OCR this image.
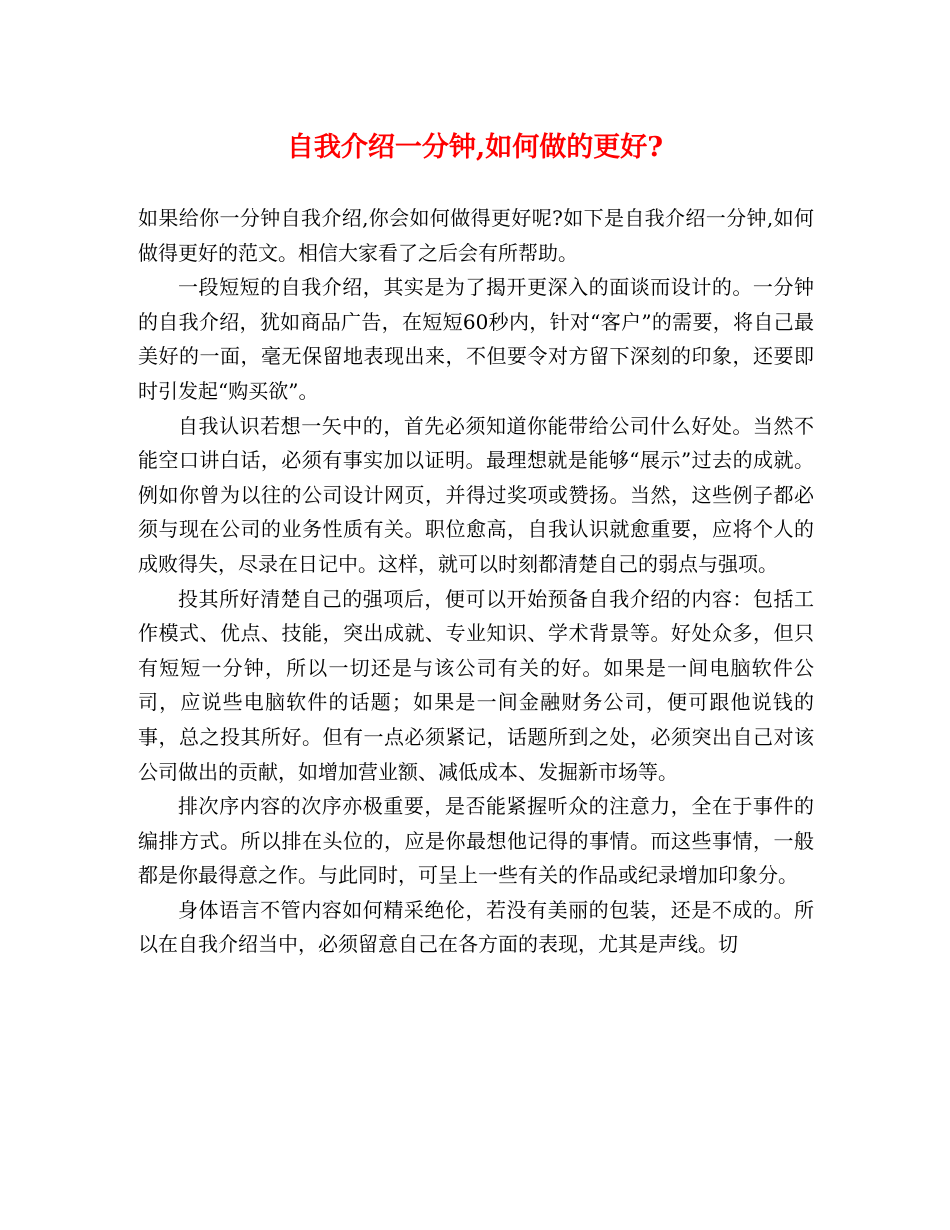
自我介绍一分钟,如何做的更好?

如果给你一分钟自我介绍,你会如何做得更好呢?如下是自我介绍一分钟,如何做得更好的范文。相信大家看了之后会有所帮助。

一段短短的自我介绍，其实是为了揭开更深入的面谈而设计的。一分钟的自我介绍，犹如商品广告，在短短60秒内，针对“客户”的需要，将自己最美好的一面，毫无保留地表现出来，不但要令对方留下深刻的印象，还要即时引发起“购买欲”。

自我认识若想一矢中的，首先必须知道你能带给公司什么好处。当然不能空口讲白话，必须有事实加以证明。最理想就是能够“展示”过去的成就。例如你曾为以往的公司设计网页，并得过奖项或赞扬。当然，这些例子都必须与现在公司的业务性质有关。职位愈高，自我认识就愈重要，应将个人的成败得失，尽录在日记中。这样，就可以时刻都清楚自己的弱点与强项。

投其所好清楚自己的强项后，便可以开始预备自我介绍的内容：包括工作模式、优点、技能，突出成就、专业知识、学术背景等。好处众多，但只有短短一分钟，所以一切还是与该公司有关的好。如果是一间电脑软件公司，应说些电脑软件的话题；如果是一间金融财务公司，便可跟他说钱的事，总之投其所好。但有一点必须紧记，话题所到之处，必须突出自己对该公司做出的贡献，如增加营业额、减低成本、发掘新市场等。

排次序内容的次序亦极重要，是否能紧握听众的注意力，全在于事件的编排方式。所以排在头位的，应是你最想他记得的事情。而这些事情，一般都是你最得意之作。与此同时，可呈上一些有关的作品或纪录增加印象分。

身体语言不管内容如何精采绝伦，若没有美丽的包装，还是不成的。所以在自我介绍当中，必须留意自己在各方面的表现，尤其是声线。切
